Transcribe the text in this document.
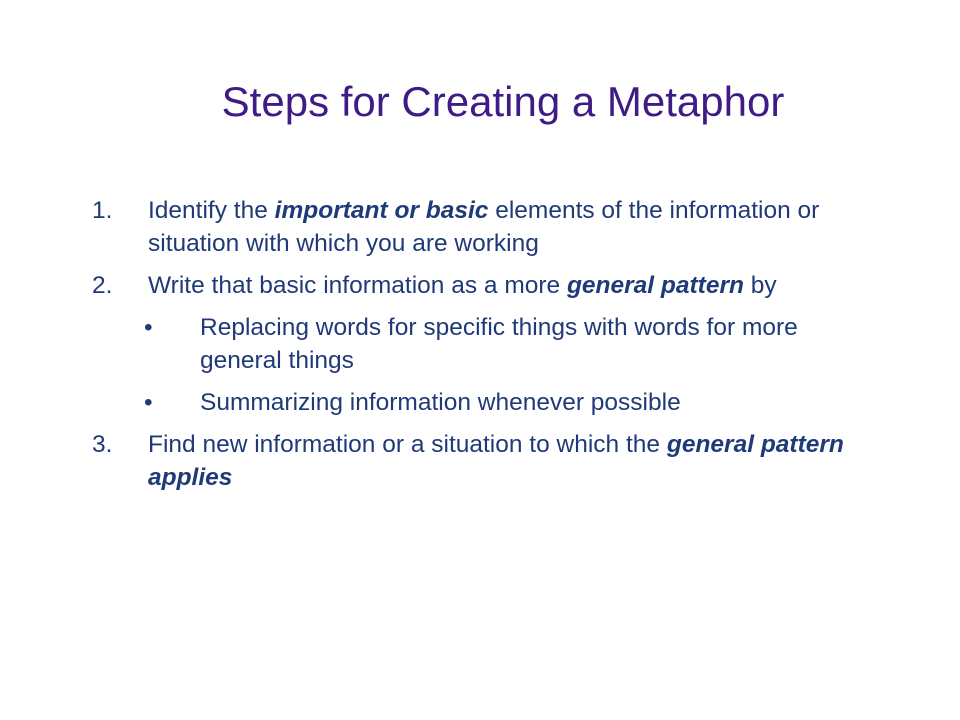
Steps for Creating a Metaphor
1. Identify the important or basic elements of the information or situation with which you are working
2. Write that basic information as a more general pattern by
• Replacing words for specific things with words for more general things
• Summarizing information whenever possible
3. Find new information or a situation to which the general pattern applies
